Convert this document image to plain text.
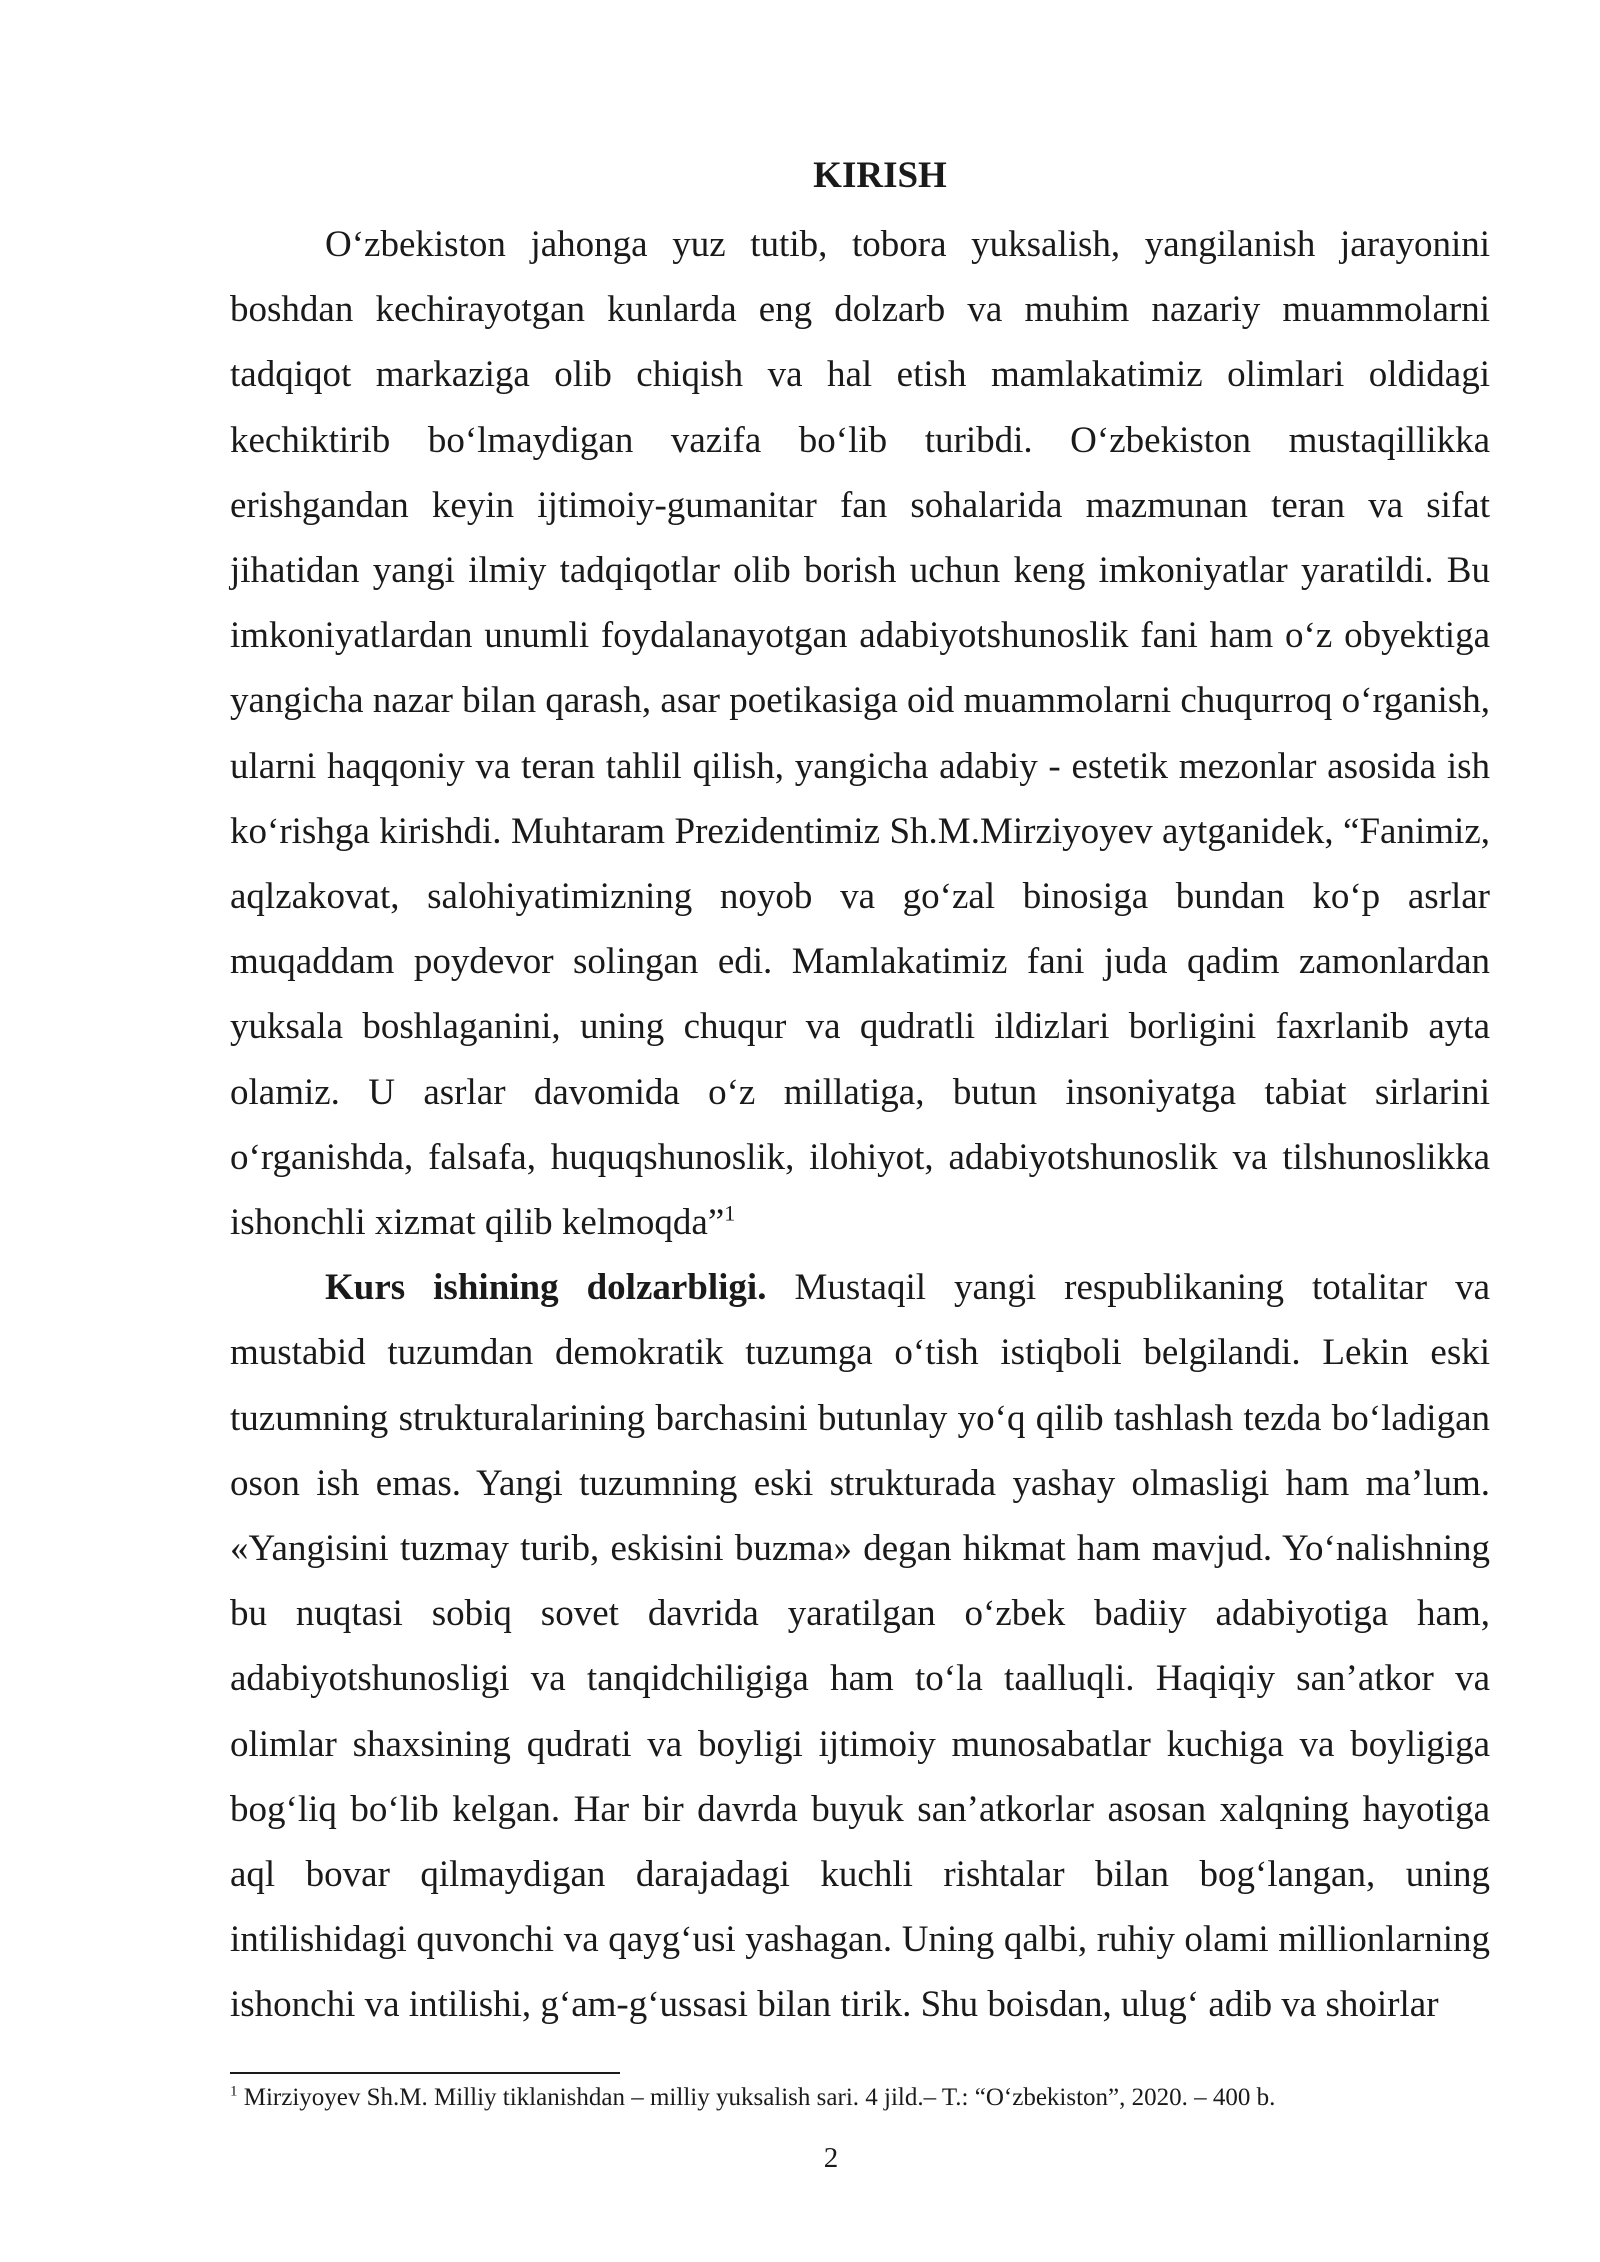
KIRISH

O‘zbekiston jahonga yuz tutib, tobora yuksalish, yangilanish jarayonini boshdan kechirayotgan kunlarda eng dolzarb va muhim nazariy muammolarni tadqiqot markaziga olib chiqish va hal etish mamlakatimiz olimlari oldidagi kechiktirib bo‘lmaydigan vazifa bo‘lib turibdi. O‘zbekiston mustaqillikka erishgandan keyin ijtimoiy-gumanitar fan sohalarida mazmunan teran va sifat jihatidan yangi ilmiy tadqiqotlar olib borish uchun keng imkoniyatlar yaratildi. Bu imkoniyatlardan unumli foydalanayotgan adabiyotshunoslik fani ham o‘z obyektiga yangicha nazar bilan qarash, asar poetikasiga oid muammolarni chuqurroq o‘rganish, ularni haqqoniy va teran tahlil qilish, yangicha adabiy - estetik mezonlar asosida ish ko‘rishga kirishdi. Muhtaram Prezidentimiz Sh.M.Mirziyoyev aytganidek, “Fanimiz, aqlzakovat, salohiyatimizning noyob va go‘zal binosiga bundan ko‘p asrlar muqaddam poydevor solingan edi. Mamlakatimiz fani juda qadim zamonlardan yuksala boshlaganini, uning chuqur va qudratli ildizlari borligini faxrlanib ayta olamiz. U asrlar davomida o‘z millatiga, butun insoniyatga tabiat sirlarini o‘rganishda, falsafa, huquqshunoslik, ilohiyot, adabiyotshunoslik va tilshunoslikka ishonchli xizmat qilib kelmoqda”$^1$

Kurs ishining dolzarbligi. Mustaqil yangi respublikaning totalitar va mustabid tuzumdan demokratik tuzumga o‘tish istiqboli belgilandi. Lekin eski tuzumning strukturalarining barchasini butunlay yo‘q qilib tashlash tezda bo‘ladigan oson ish emas. Yangi tuzumning eski strukturada yashay olmasligi ham ma’lum. «Yangisini tuzmay turib, eskisini buzma» degan hikmat ham mavjud. Yo‘nalishning bu nuqtasi sobiq sovet davrida yaratilgan o‘zbek badiiy adabiyotiga ham, adabiyotshunosligi va tanqidchiligiga ham to‘la taalluqli. Haqiqiy san’atkor va olimlar shaxsining qudrati va boyligi ijtimoiy munosabatlar kuchiga va boyligiga bog‘liq bo‘lib kelgan. Har bir davrda buyuk san’atkorlar asosan xalqning hayotiga aql bovar qilmaydigan darajadagi kuchli rishtalar bilan bog‘langan, uning intilishidagi quvonchi va qayg‘usi yashagan. Uning qalbi, ruhiy olami millionlarning ishonchi va intilishi, g‘am-g‘ussasi bilan tirik. Shu boisdan, ulug‘ adib va shoirlar

$^1$ Mirziyoyev Sh.M. Milliy tiklanishdan – milliy yuksalish sari. 4 jild.– T.: “O‘zbekiston”, 2020. – 400 b.
2
